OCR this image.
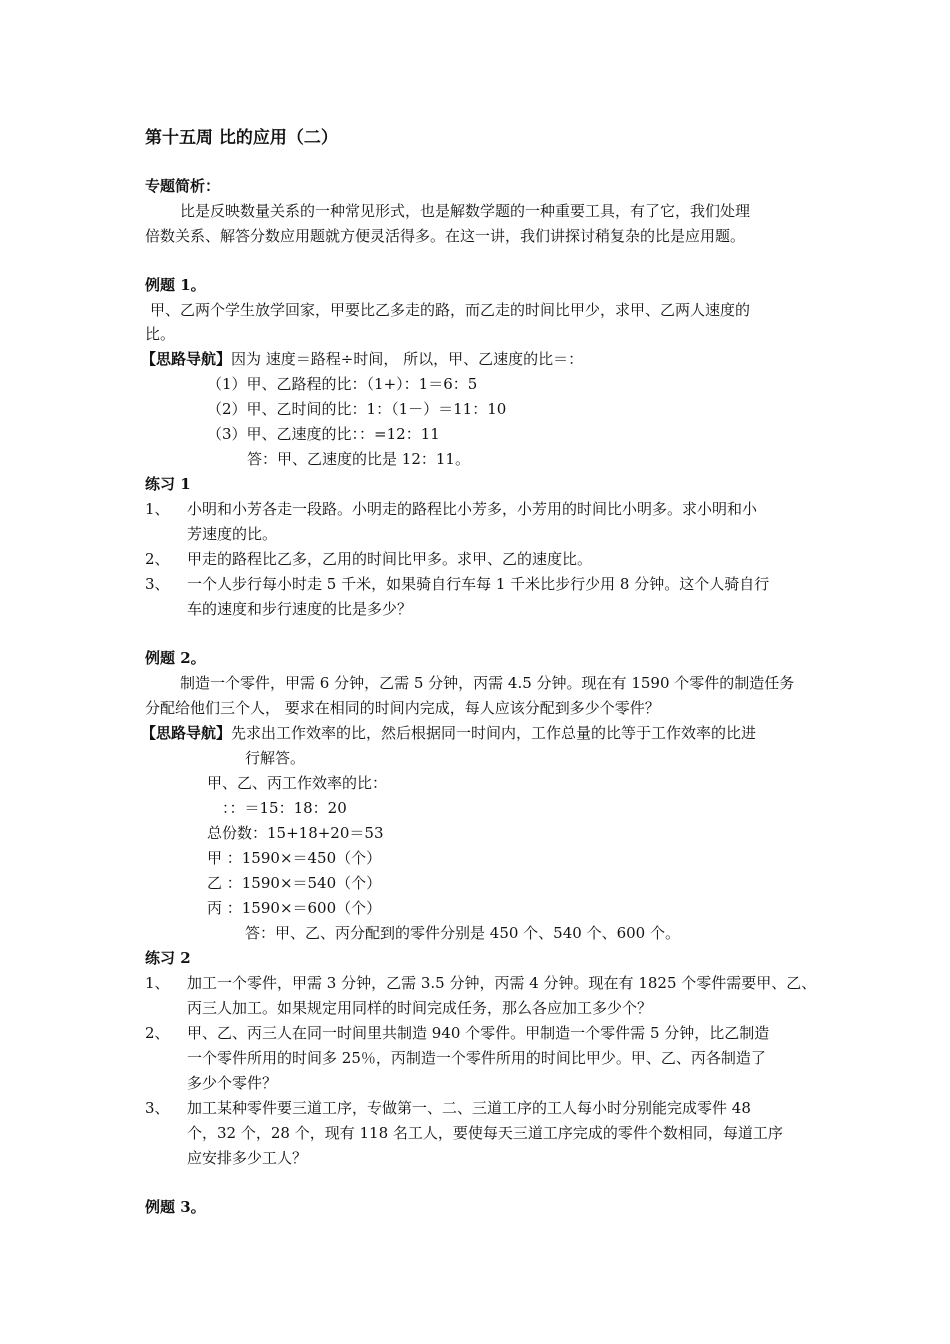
第十五周 比的应用（二）
专题简析：
比是反映数量关系的一种常见形式，也是解数学题的一种重要工具，有了它，我们处理
倍数关系、解答分数应用题就方便灵活得多。在这一讲，我们讲探讨稍复杂的比是应用题。
例题 1。
甲、乙两个学生放学回家，甲要比乙多走的路，而乙走的时间比甲少，求甲、乙两人速度的
比。
【思路导航】因为 速度＝路程÷时间， 所以，甲、乙速度的比＝：
（1）甲、乙路程的比：（1+）：1＝6：5
（2）甲、乙时间的比：1：（1－）＝11：10
（3）甲、乙速度的比：：=12：11
答：甲、乙速度的比是 12：11。
练习 1
1、 小明和小芳各走一段路。小明走的路程比小芳多，小芳用的时间比小明多。求小明和小
芳速度的比。
2、 甲走的路程比乙多，乙用的时间比甲多。求甲、乙的速度比。
3、 一个人步行每小时走 5 千米，如果骑自行车每 1 千米比步行少用 8 分钟。这个人骑自行
车的速度和步行速度的比是多少？
例题 2。
制造一个零件，甲需 6 分钟，乙需 5 分钟，丙需 4.5 分钟。现在有 1590 个零件的制造任务
分配给他们三个人， 要求在相同的时间内完成，每人应该分配到多少个零件？
【思路导航】先求出工作效率的比，然后根据同一时间内，工作总量的比等于工作效率的比进
行解答。
甲、乙、丙工作效率的比：
：：＝15：18：20
总份数：15+18+20＝53
甲 ：1590×＝450（个）
乙 ：1590×＝540（个）
丙 ：1590×＝600（个）
答：甲、乙、丙分配到的零件分别是 450 个、540 个、600 个。
练习 2
1、 加工一个零件，甲需 3 分钟，乙需 3.5 分钟，丙需 4 分钟。现在有 1825 个零件需要甲、乙、
丙三人加工。如果规定用同样的时间完成任务，那么各应加工多少个？
2、 甲、乙、丙三人在同一时间里共制造 940 个零件。甲制造一个零件需 5 分钟，比乙制造
一个零件所用的时间多 25％，丙制造一个零件所用的时间比甲少。甲、乙、丙各制造了
多少个零件？
3、 加工某种零件要三道工序，专做第一、二、三道工序的工人每小时分别能完成零件 48
个，32 个，28 个，现有 118 名工人，要使每天三道工序完成的零件个数相同，每道工序
应安排多少工人？
例题 3。
